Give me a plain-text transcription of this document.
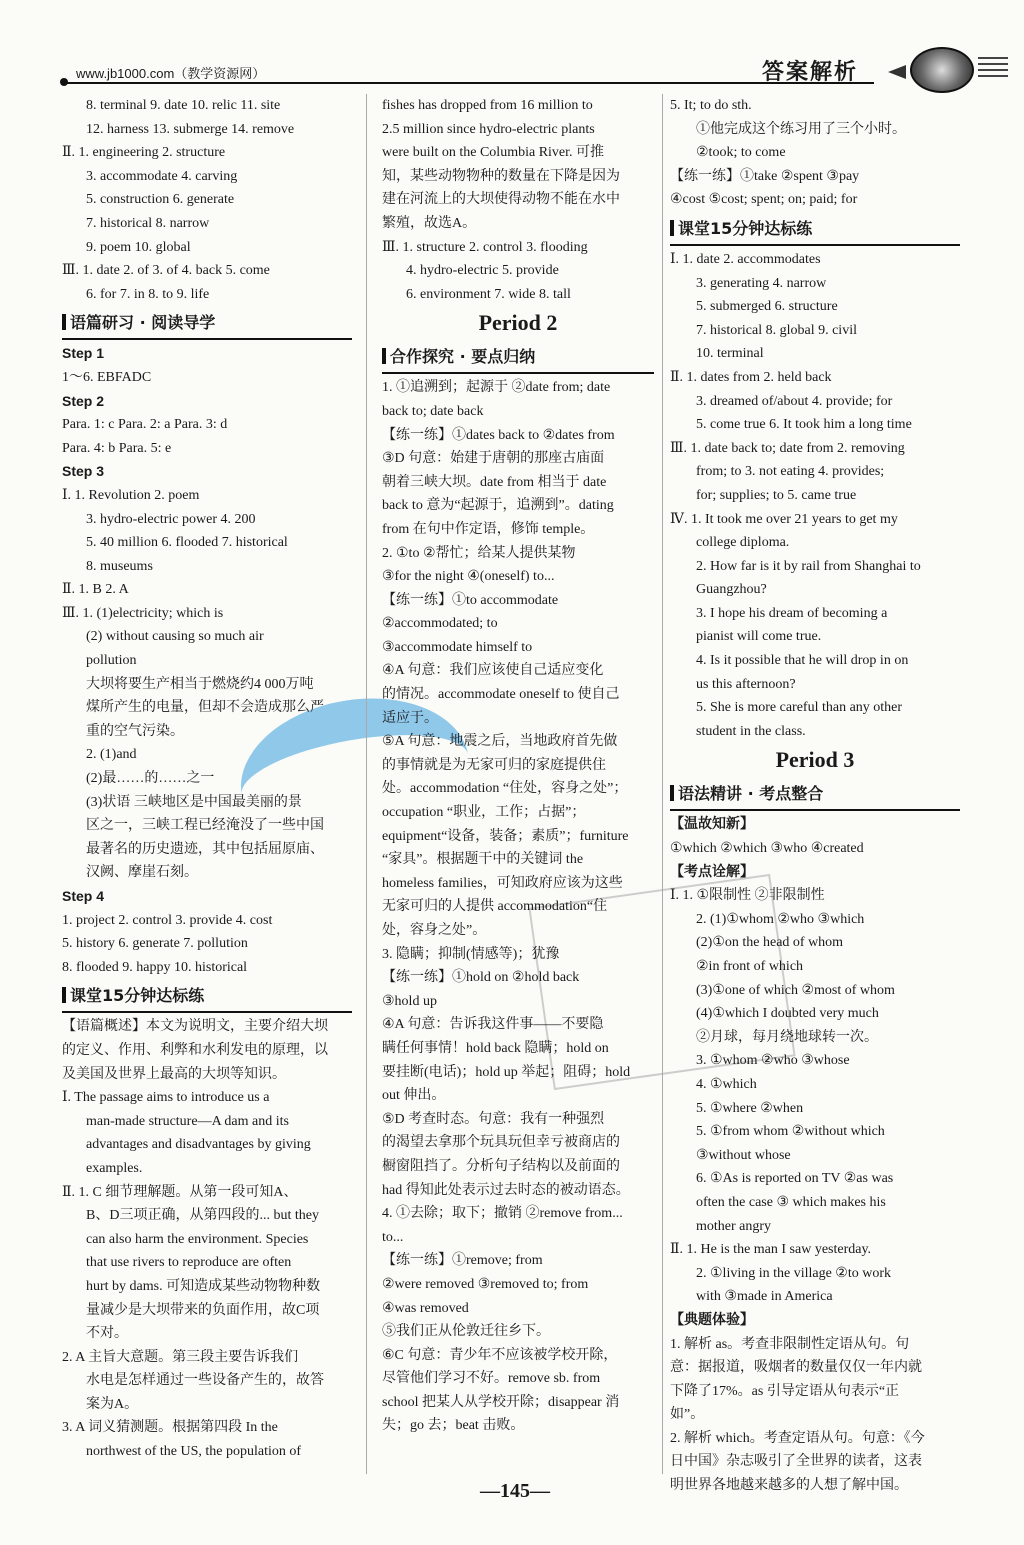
www.jb1000.com（教学资源网）	答案解析
8. terminal 9. date 10. relic 11. site
12. harness 13. submerge 14. remove
Ⅱ. 1. engineering 2. structure
3. accommodate 4. carving
5. construction 6. generate
7. historical 8. narrow
9. poem 10. global
Ⅲ. 1. date 2. of 3. of 4. back 5. come
6. for 7. in 8. to 9. life
语篇研习 · 阅读导学
Step 1
1～6. EBFADC
Step 2
Para. 1: c Para. 2: a Para. 3: d
Para. 4: b Para. 5: e
Step 3
Ⅰ. 1. Revolution 2. poem
3. hydro-electric power 4. 200
5. 40 million 6. flooded 7. historical
8. museums
Ⅱ. 1. B 2. A
Ⅲ. 1. (1)electricity; which is
(2) without causing so much air
pollution
大坝将要生产相当于燃烧约4 000万吨
煤所产生的电量，但却不会造成那么严
重的空气污染。
2. (1)and
(2)最……的……之一
(3)状语 三峡地区是中国最美丽的景
区之一，三峡工程已经淹没了一些中国
最著名的历史遗迹，其中包括屈原庙、
汉阙、摩崖石刻。
Step 4
1. project 2. control 3. provide 4. cost
5. history 6. generate 7. pollution
8. flooded 9. happy 10. historical
课堂15分钟达标练
【语篇概述】本文为说明文，主要介绍大坝
的定义、作用、利弊和水利发电的原理，以
及美国及世界上最高的大坝等知识。
Ⅰ. The passage aims to introduce us a
man-made structure—A dam and its
advantages and disadvantages by giving
examples.
Ⅱ. 1. C 细节理解题。从第一段可知A、
B、D三项正确，从第四段的... but they
can also harm the environment. Species
that use rivers to reproduce are often
hurt by dams. 可知造成某些动物物种数
量减少是大坝带来的负面作用，故C项
不对。
2. A 主旨大意题。第三段主要告诉我们
水电是怎样通过一些设备产生的，故答
案为A。
3. A 词义猜测题。根据第四段 In the
northwest of the US, the population of
fishes has dropped from 16 million to
2.5 million since hydro-electric plants
were built on the Columbia River. 可推
知，某些动物物种的数量在下降是因为
建在河流上的大坝使得动物不能在水中
繁殖，故选A。
Ⅲ. 1. structure 2. control 3. flooding
4. hydro-electric 5. provide
6. environment 7. wide 8. tall
Period 2
合作探究 · 要点归纳
1. ①追溯到；起源于 ②date from; date
back to; date back
【练一练】①dates back to ②dates from
③D 句意：始建于唐朝的那座古庙面
朝着三峡大坝。date from 相当于 date
back to 意为“起源于，追溯到”。dating
from 在句中作定语，修饰 temple。
2. ①to ②帮忙；给某人提供某物
③for the night ④(oneself) to...
【练一练】①to accommodate
②accommodated; to
③accommodate himself to
④A 句意：我们应该使自己适应变化
的情况。accommodate oneself to 使自己
适应于。
⑤A 句意：地震之后，当地政府首先做
的事情就是为无家可归的家庭提供住
处。accommodation “住处，容身之处”；
occupation “职业，工作；占据”；
equipment“设备，装备；素质”；furniture
“家具”。根据题干中的关键词 the
homeless families，可知政府应该为这些
无家可归的人提供 accommodation“住
处，容身之处”。
3. 隐瞒；抑制(情感等)；犹豫
【练一练】①hold on ②hold back
③hold up
④A 句意：告诉我这件事——不要隐
瞒任何事情！hold back 隐瞒；hold on
要挂断(电话)；hold up 举起；阻碍；hold
out 伸出。
⑤D 考查时态。句意：我有一种强烈
的渴望去拿那个玩具玩但幸亏被商店的
橱窗阻挡了。分析句子结构以及前面的
had 得知此处表示过去时态的被动语态。
4. ①去除；取下；撤销 ②remove from...
to...
【练一练】①remove; from
②were removed ③removed to; from
④was removed
⑤我们正从伦敦迁往乡下。
⑥C 句意：青少年不应该被学校开除，
尽管他们学习不好。remove sb. from
school 把某人从学校开除；disappear 消
失；go 去；beat 击败。
5. It; to do sth.
①他完成这个练习用了三个小时。
②took; to come
【练一练】①take ②spent ③pay
④cost ⑤cost; spent; on; paid; for
课堂15分钟达标练
Ⅰ. 1. date 2. accommodates
3. generating 4. narrow
5. submerged 6. structure
7. historical 8. global 9. civil
10. terminal
Ⅱ. 1. dates from 2. held back
3. dreamed of/about 4. provide; for
5. come true 6. It took him a long time
Ⅲ. 1. date back to; date from 2. removing
from; to 3. not eating 4. provides;
for; supplies; to 5. came true
Ⅳ. 1. It took me over 21 years to get my
college diploma.
2. How far is it by rail from Shanghai to
Guangzhou?
3. I hope his dream of becoming a
pianist will come true.
4. Is it possible that he will drop in on
us this afternoon?
5. She is more careful than any other
student in the class.
Period 3
语法精讲 · 考点整合
【温故知新】
①which ②which ③who ④created
【考点诠解】
Ⅰ. 1. ①限制性 ②非限制性
2. (1)①whom ②who ③which
(2)①on the head of whom
②in front of which
(3)①one of which ②most of whom
(4)①which I doubted very much
②月球，每月绕地球转一次。
3. ①whom ②who ③whose
4. ①which
5. ①where ②when
5. ①from whom ②without which
③without whose
6. ①As is reported on TV ②as was
often the case ③ which makes his
mother angry
Ⅱ. 1. He is the man I saw yesterday.
2. ①living in the village ②to work
with ③made in America
【典题体验】
1. 解析 as。考查非限制性定语从句。句
意：据报道，吸烟者的数量仅仅一年内就
下降了17%。as 引导定语从句表示“正
如”。
2. 解析 which。考查定语从句。句意：《今
日中国》杂志吸引了全世界的读者，这表
明世界各地越来越多的人想了解中国。
—145—
